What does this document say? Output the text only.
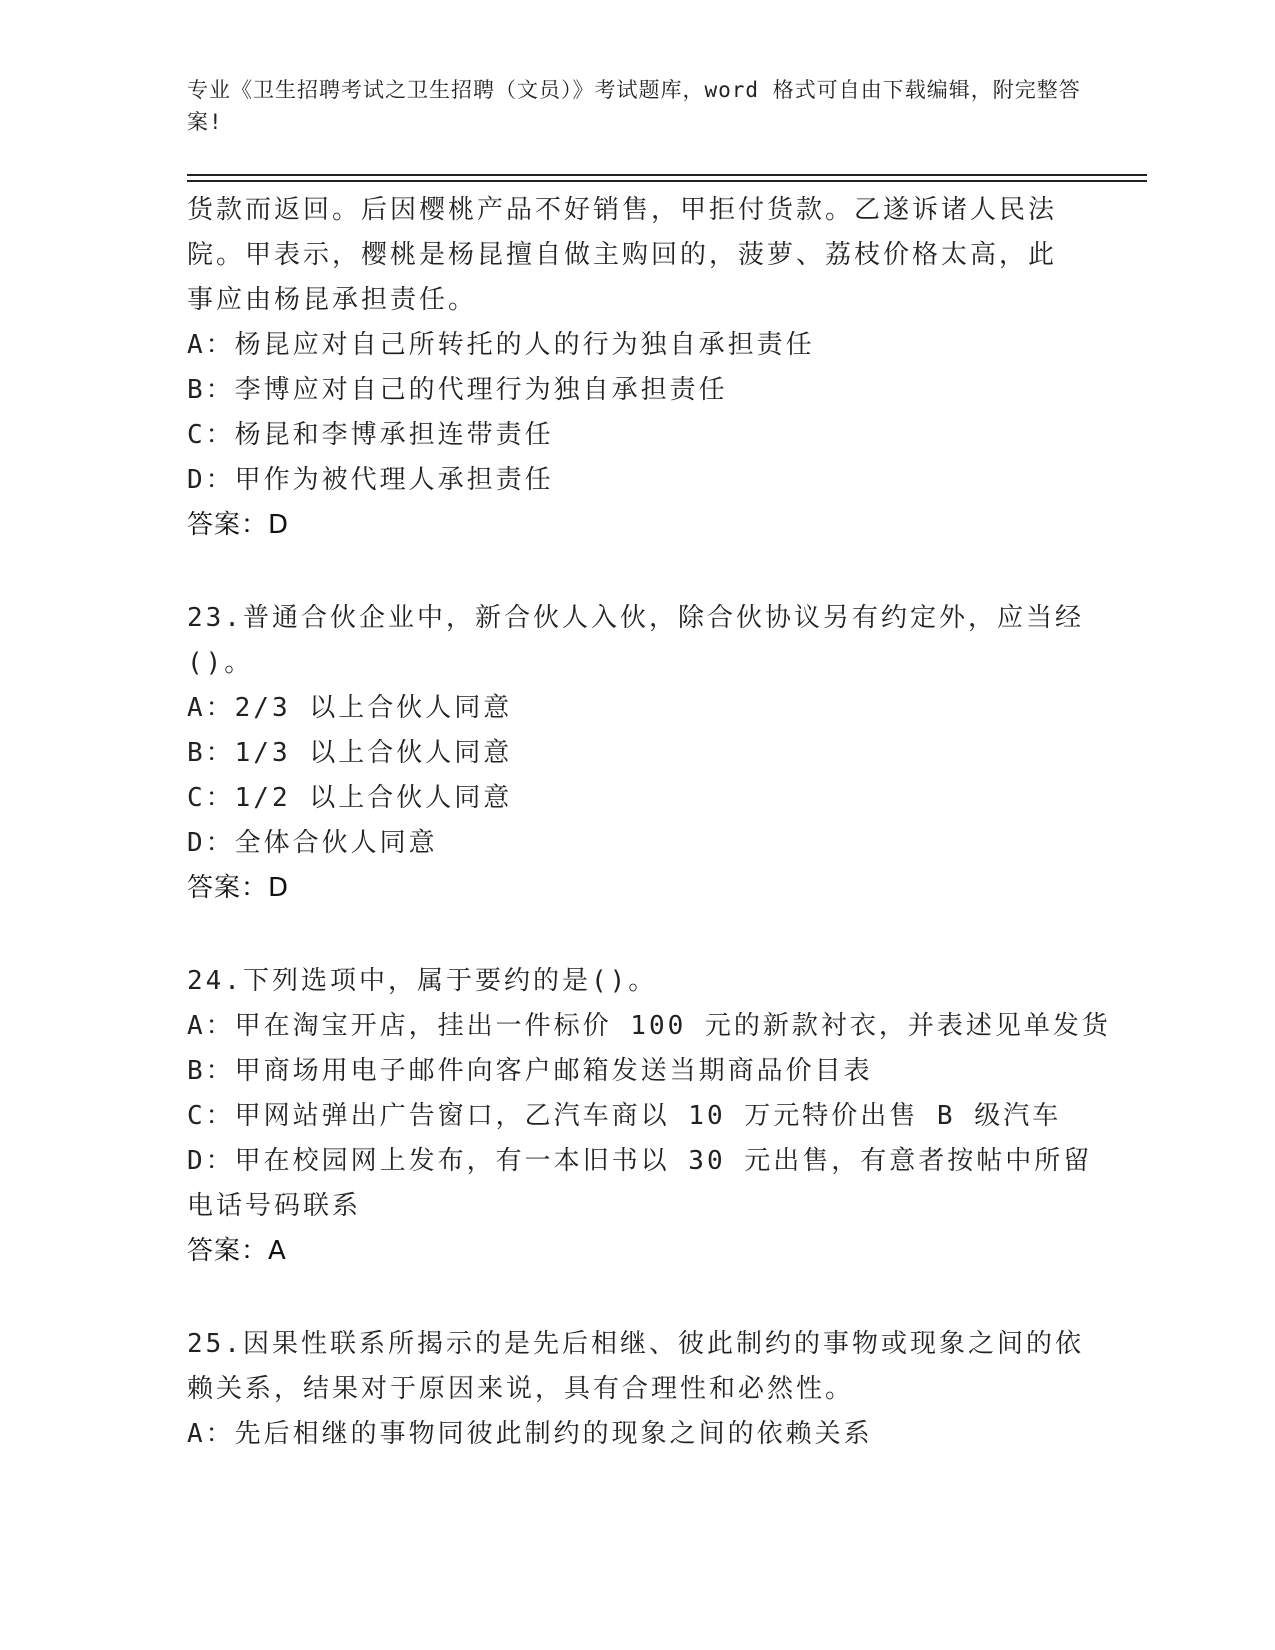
专业《卫生招聘考试之卫生招聘（文员）》考试题库，word 格式可自由下载编辑，附完整答案!
货款而返回。后因樱桃产品不好销售，甲拒付货款。乙遂诉诸人民法
院。甲表示，樱桃是杨昆擅自做主购回的，菠萝、荔枝价格太高，此
事应由杨昆承担责任。
A：杨昆应对自己所转托的人的行为独自承担责任
B：李博应对自己的代理行为独自承担责任
C：杨昆和李博承担连带责任
D：甲作为被代理人承担责任
答案：D
23.普通合伙企业中，新合伙人入伙，除合伙协议另有约定外，应当经
()。
A：2/3 以上合伙人同意
B：1/3 以上合伙人同意
C：1/2 以上合伙人同意
D：全体合伙人同意
答案：D
24.下列选项中，属于要约的是()。
A：甲在淘宝开店，挂出一件标价 100 元的新款衬衣，并表述见单发货
B：甲商场用电子邮件向客户邮箱发送当期商品价目表
C：甲网站弹出广告窗口，乙汽车商以 10 万元特价出售 B 级汽车
D：甲在校园网上发布，有一本旧书以 30 元出售，有意者按帖中所留
电话号码联系
答案：A
25.因果性联系所揭示的是先后相继、彼此制约的事物或现象之间的依
赖关系，结果对于原因来说，具有合理性和必然性。
A：先后相继的事物同彼此制约的现象之间的依赖关系
